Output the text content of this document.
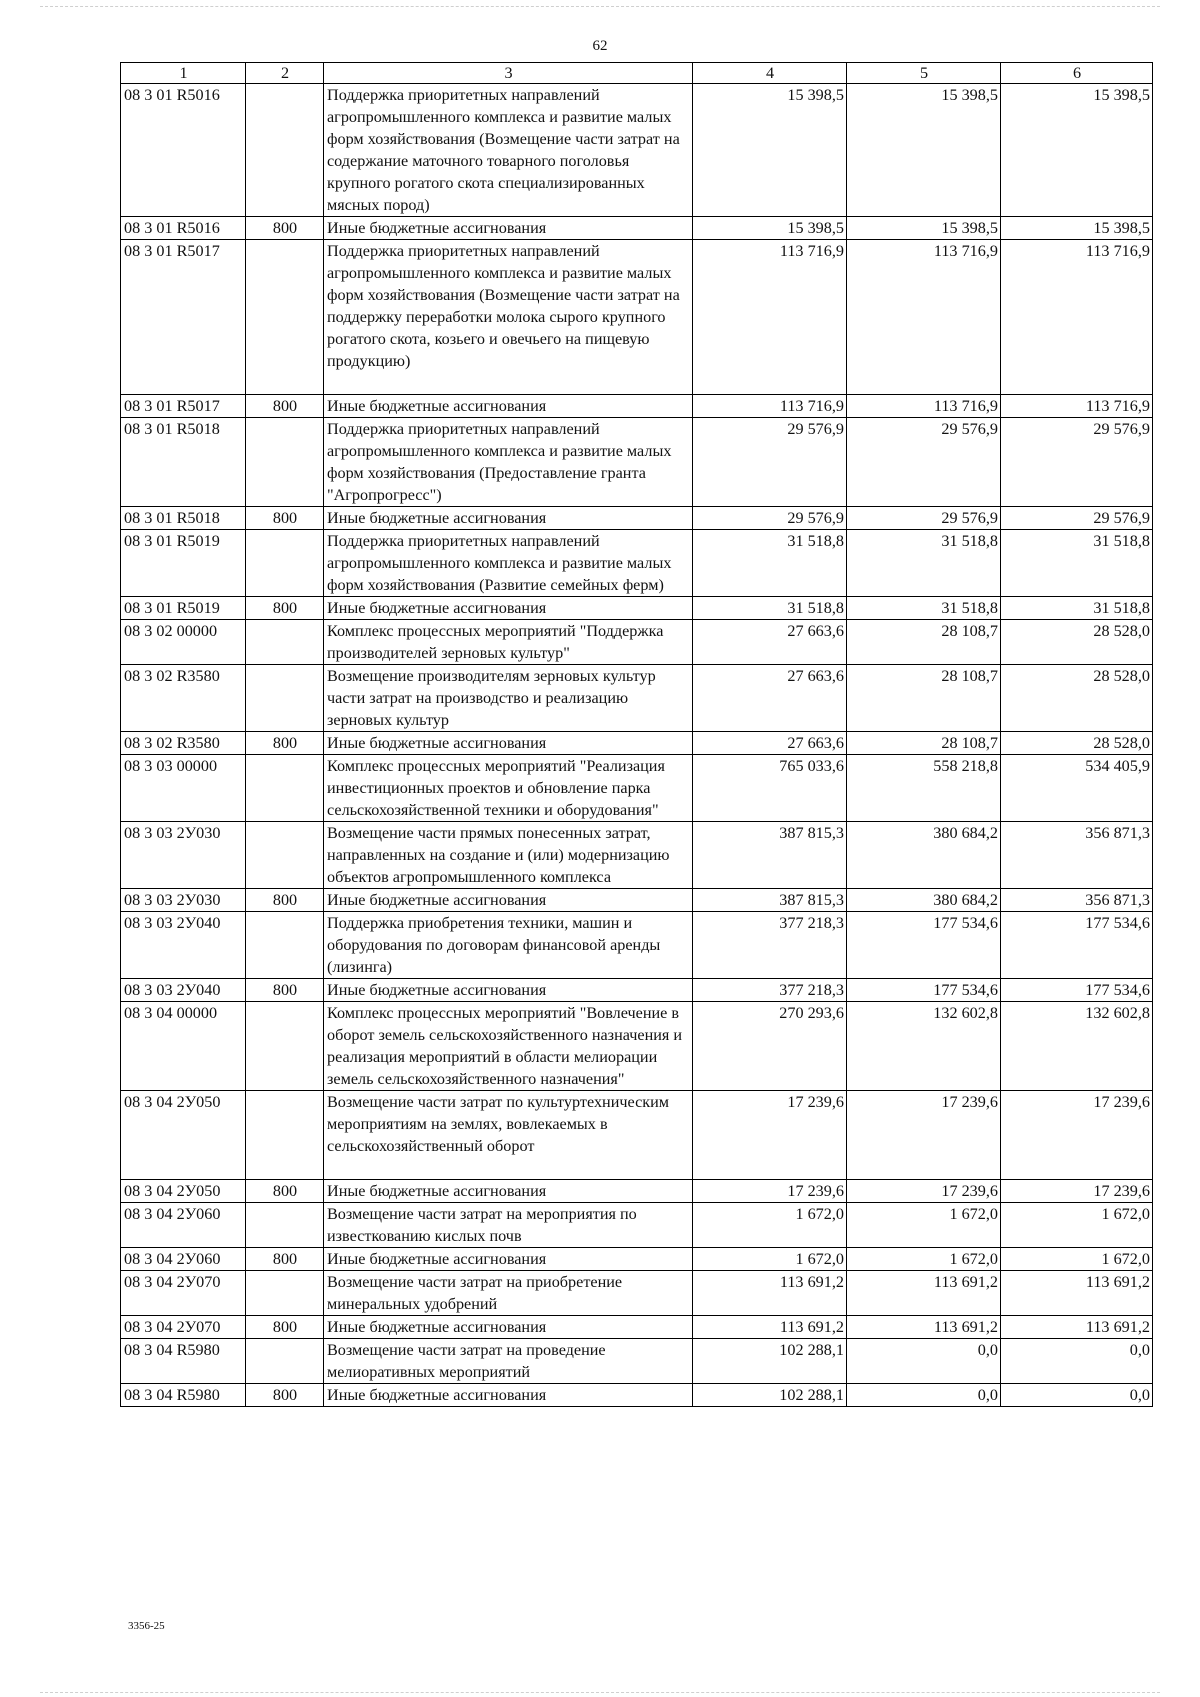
62
1	2	3	4	5	6
08 3 01 R5016		Поддержка приоритетных направлений агропромышленного комплекса и развитие малых форм хозяйствования (Возмещение части затрат на содержание маточного товарного поголовья крупного рогатого скота специализированных мясных пород)	15 398,5	15 398,5	15 398,5
08 3 01 R5016	800	Иные бюджетные ассигнования	15 398,5	15 398,5	15 398,5
08 3 01 R5017		Поддержка приоритетных направлений агропромышленного комплекса и развитие малых форм хозяйствования (Возмещение части затрат на поддержку переработки молока сырого крупного рогатого скота, козьего и овечьего на пищевую продукцию)	113 716,9	113 716,9	113 716,9
08 3 01 R5017	800	Иные бюджетные ассигнования	113 716,9	113 716,9	113 716,9
08 3 01 R5018		Поддержка приоритетных направлений агропромышленного комплекса и развитие малых форм хозяйствования (Предоставление гранта "Агропрогресс")	29 576,9	29 576,9	29 576,9
08 3 01 R5018	800	Иные бюджетные ассигнования	29 576,9	29 576,9	29 576,9
08 3 01 R5019		Поддержка приоритетных направлений агропромышленного комплекса и развитие малых форм хозяйствования (Развитие семейных ферм)	31 518,8	31 518,8	31 518,8
08 3 01 R5019	800	Иные бюджетные ассигнования	31 518,8	31 518,8	31 518,8
08 3 02 00000		Комплекс процессных мероприятий "Поддержка производителей зерновых культур"	27 663,6	28 108,7	28 528,0
08 3 02 R3580		Возмещение производителям зерновых культур части затрат на производство и реализацию зерновых культур	27 663,6	28 108,7	28 528,0
08 3 02 R3580	800	Иные бюджетные ассигнования	27 663,6	28 108,7	28 528,0
08 3 03 00000		Комплекс процессных мероприятий "Реализация инвестиционных проектов и обновление парка сельскохозяйственной техники и оборудования"	765 033,6	558 218,8	534 405,9
08 3 03 2У030		Возмещение части прямых понесенных затрат, направленных на создание и (или) модернизацию объектов агропромышленного комплекса	387 815,3	380 684,2	356 871,3
08 3 03 2У030	800	Иные бюджетные ассигнования	387 815,3	380 684,2	356 871,3
08 3 03 2У040		Поддержка приобретения техники, машин и оборудования по договорам финансовой аренды (лизинга)	377 218,3	177 534,6	177 534,6
08 3 03 2У040	800	Иные бюджетные ассигнования	377 218,3	177 534,6	177 534,6
08 3 04 00000		Комплекс процессных мероприятий "Вовлечение в оборот земель сельскохозяйственного назначения и реализация мероприятий в области мелиорации земель сельскохозяйственного назначения"	270 293,6	132 602,8	132 602,8
08 3 04 2У050		Возмещение части затрат по культуртехническим мероприятиям на землях, вовлекаемых в сельскохозяйственный оборот	17 239,6	17 239,6	17 239,6
08 3 04 2У050	800	Иные бюджетные ассигнования	17 239,6	17 239,6	17 239,6
08 3 04 2У060		Возмещение части затрат на мероприятия по известкованию кислых почв	1 672,0	1 672,0	1 672,0
08 3 04 2У060	800	Иные бюджетные ассигнования	1 672,0	1 672,0	1 672,0
08 3 04 2У070		Возмещение части затрат на приобретение минеральных удобрений	113 691,2	113 691,2	113 691,2
08 3 04 2У070	800	Иные бюджетные ассигнования	113 691,2	113 691,2	113 691,2
08 3 04 R5980		Возмещение части затрат на проведение мелиоративных мероприятий	102 288,1	0,0	0,0
08 3 04 R5980	800	Иные бюджетные ассигнования	102 288,1	0,0	0,0
3356-25
